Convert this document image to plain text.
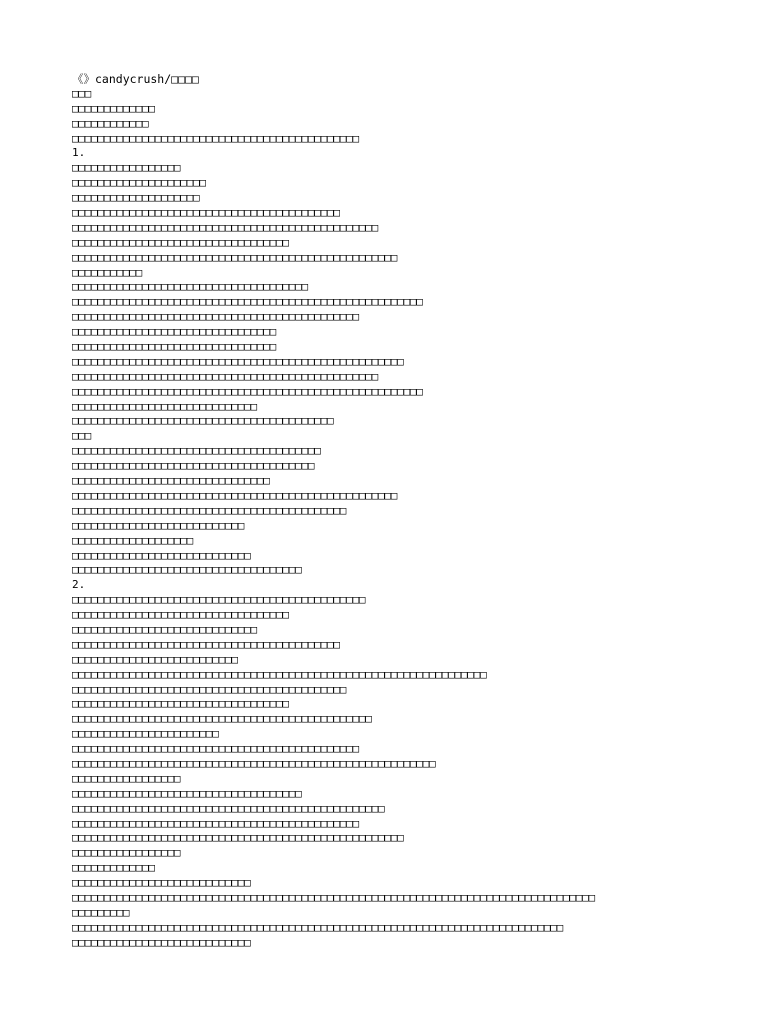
《》candycrush/□□□□
□□□
□□□□□□□□□□□□□
□□□□□□□□□□□□
□□□□□□□□□□□□□□□□□□□□□□□□□□□□□□□□□□□□□□□□□□□□□
1.
□□□□□□□□□□□□□□□□□
□□□□□□□□□□□□□□□□□□□□□
□□□□□□□□□□□□□□□□□□□□
□□□□□□□□□□□□□□□□□□□□□□□□□□□□□□□□□□□□□□□□□□
□□□□□□□□□□□□□□□□□□□□□□□□□□□□□□□□□□□□□□□□□□□□□□□□
□□□□□□□□□□□□□□□□□□□□□□□□□□□□□□□□□□
□□□□□□□□□□□□□□□□□□□□□□□□□□□□□□□□□□□□□□□□□□□□□□□□□□□
□□□□□□□□□□□
□□□□□□□□□□□□□□□□□□□□□□□□□□□□□□□□□□□□□
□□□□□□□□□□□□□□□□□□□□□□□□□□□□□□□□□□□□□□□□□□□□□□□□□□□□□□□
□□□□□□□□□□□□□□□□□□□□□□□□□□□□□□□□□□□□□□□□□□□□□
□□□□□□□□□□□□□□□□□□□□□□□□□□□□□□□□
□□□□□□□□□□□□□□□□□□□□□□□□□□□□□□□□
□□□□□□□□□□□□□□□□□□□□□□□□□□□□□□□□□□□□□□□□□□□□□□□□□□□□
□□□□□□□□□□□□□□□□□□□□□□□□□□□□□□□□□□□□□□□□□□□□□□□□
□□□□□□□□□□□□□□□□□□□□□□□□□□□□□□□□□□□□□□□□□□□□□□□□□□□□□□□
□□□□□□□□□□□□□□□□□□□□□□□□□□□□□
□□□□□□□□□□□□□□□□□□□□□□□□□□□□□□□□□□□□□□□□□
□□□
□□□□□□□□□□□□□□□□□□□□□□□□□□□□□□□□□□□□□□□
□□□□□□□□□□□□□□□□□□□□□□□□□□□□□□□□□□□□□□
□□□□□□□□□□□□□□□□□□□□□□□□□□□□□□□
□□□□□□□□□□□□□□□□□□□□□□□□□□□□□□□□□□□□□□□□□□□□□□□□□□□
□□□□□□□□□□□□□□□□□□□□□□□□□□□□□□□□□□□□□□□□□□□
□□□□□□□□□□□□□□□□□□□□□□□□□□□
□□□□□□□□□□□□□□□□□□□
□□□□□□□□□□□□□□□□□□□□□□□□□□□□
□□□□□□□□□□□□□□□□□□□□□□□□□□□□□□□□□□□□
2.
□□□□□□□□□□□□□□□□□□□□□□□□□□□□□□□□□□□□□□□□□□□□□□
□□□□□□□□□□□□□□□□□□□□□□□□□□□□□□□□□□
□□□□□□□□□□□□□□□□□□□□□□□□□□□□□
□□□□□□□□□□□□□□□□□□□□□□□□□□□□□□□□□□□□□□□□□□
□□□□□□□□□□□□□□□□□□□□□□□□□□
□□□□□□□□□□□□□□□□□□□□□□□□□□□□□□□□□□□□□□□□□□□□□□□□□□□□□□□□□□□□□□□□□
□□□□□□□□□□□□□□□□□□□□□□□□□□□□□□□□□□□□□□□□□□□
□□□□□□□□□□□□□□□□□□□□□□□□□□□□□□□□□□
□□□□□□□□□□□□□□□□□□□□□□□□□□□□□□□□□□□□□□□□□□□□□□□
□□□□□□□□□□□□□□□□□□□□□□□
□□□□□□□□□□□□□□□□□□□□□□□□□□□□□□□□□□□□□□□□□□□□□
□□□□□□□□□□□□□□□□□□□□□□□□□□□□□□□□□□□□□□□□□□□□□□□□□□□□□□□□□
□□□□□□□□□□□□□□□□□
□□□□□□□□□□□□□□□□□□□□□□□□□□□□□□□□□□□□
□□□□□□□□□□□□□□□□□□□□□□□□□□□□□□□□□□□□□□□□□□□□□□□□□
□□□□□□□□□□□□□□□□□□□□□□□□□□□□□□□□□□□□□□□□□□□□□
□□□□□□□□□□□□□□□□□□□□□□□□□□□□□□□□□□□□□□□□□□□□□□□□□□□□
□□□□□□□□□□□□□□□□□
□□□□□□□□□□□□□
□□□□□□□□□□□□□□□□□□□□□□□□□□□□
□□□□□□□□□□□□□□□□□□□□□□□□□□□□□□□□□□□□□□□□□□□□□□□□□□□□□□□□□□□□□□□□□□□□□□□□□□□□□□□□□□
□□□□□□□□□
□□□□□□□□□□□□□□□□□□□□□□□□□□□□□□□□□□□□□□□□□□□□□□□□□□□□□□□□□□□□□□□□□□□□□□□□□□□□□
□□□□□□□□□□□□□□□□□□□□□□□□□□□□
